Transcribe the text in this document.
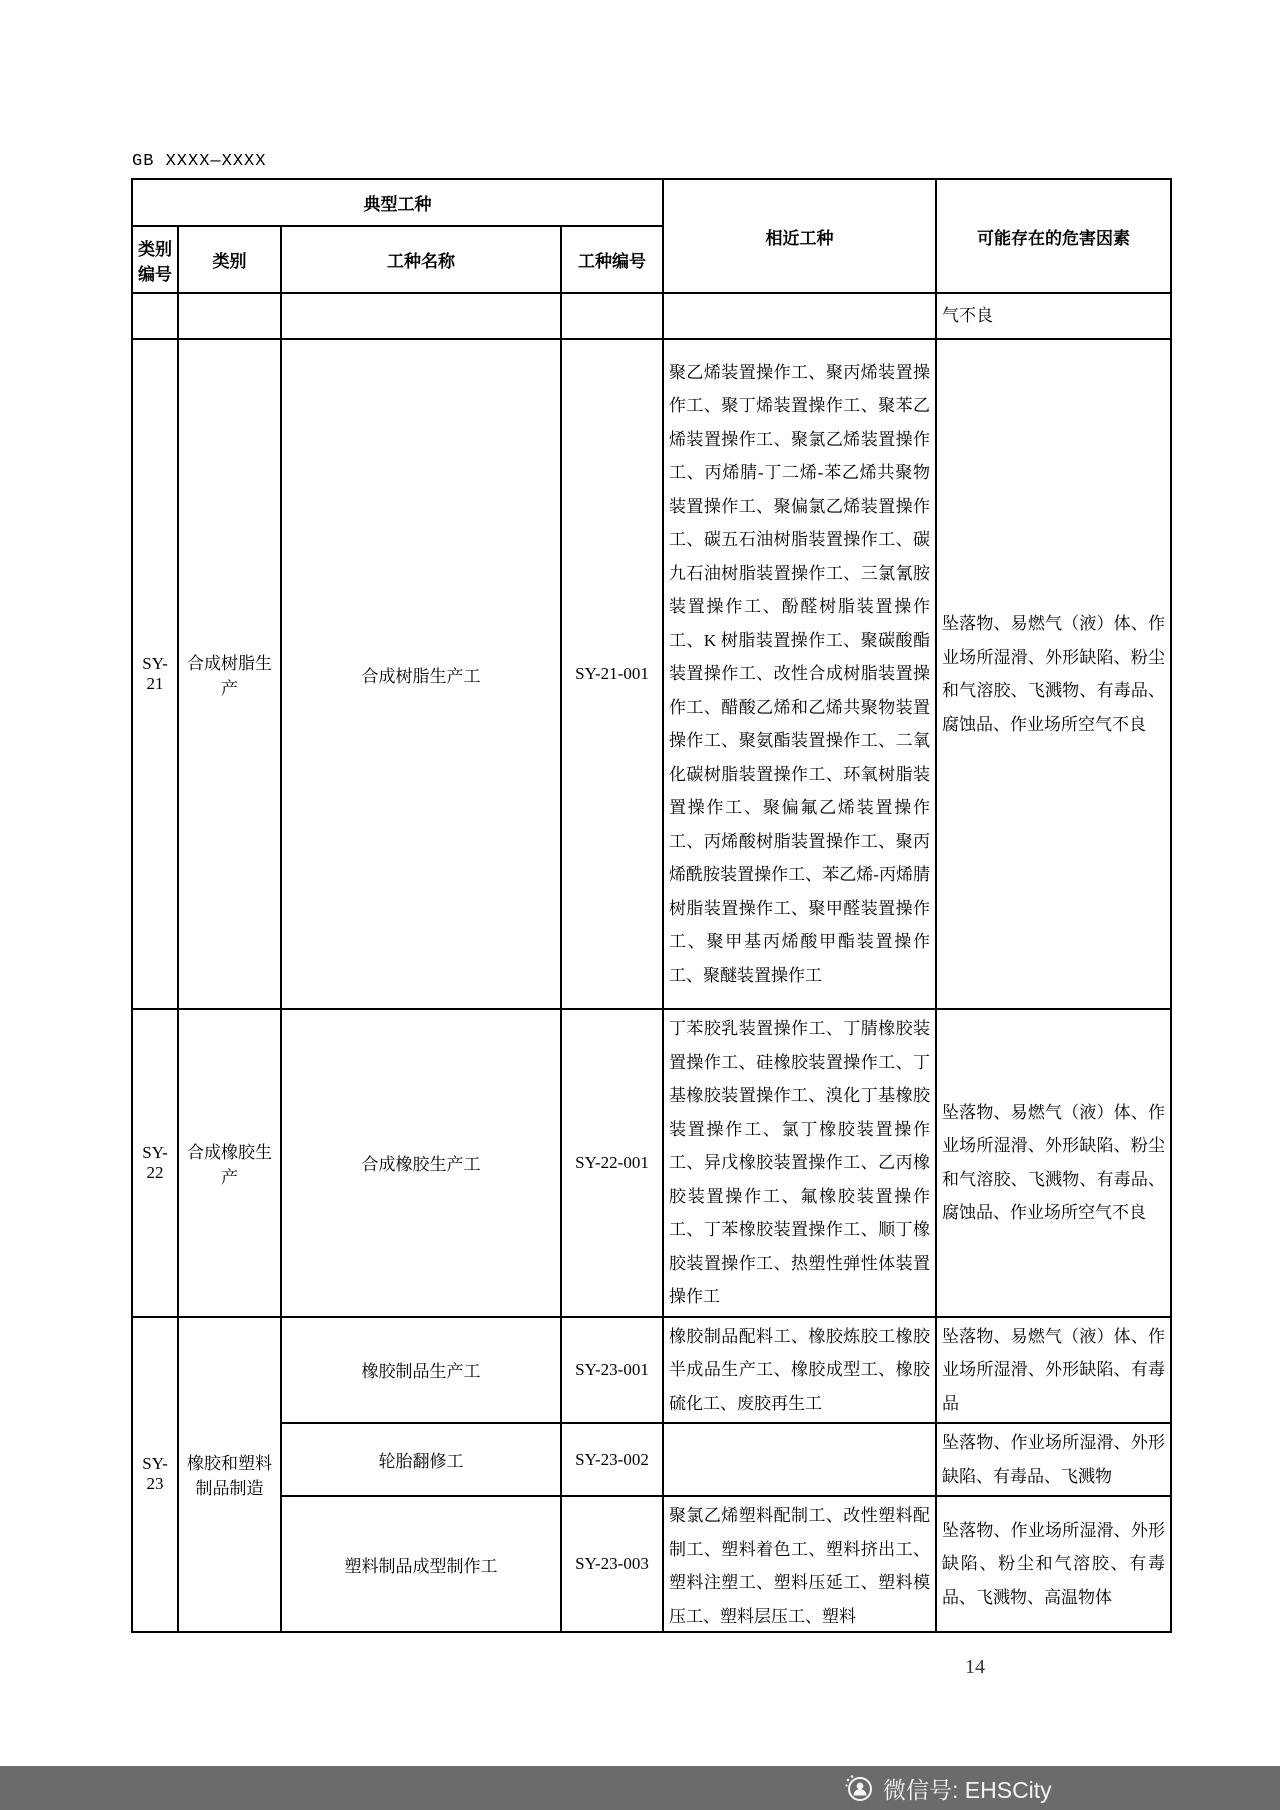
GB XXXX—XXXX
典型工种				相近工种	可能存在的危害因素
类别编号	类别	工种名称	工种编号		
					气不良
SY-21	合成树脂生产	合成树脂生产工	SY-21-001	聚乙烯装置操作工、聚丙烯装置操作工、聚丁烯装置操作工、聚苯乙烯装置操作工、聚氯乙烯装置操作工、丙烯腈-丁二烯-苯乙烯共聚物装置操作工、聚偏氯乙烯装置操作工、碳五石油树脂装置操作工、碳九石油树脂装置操作工、三氯氰胺装置操作工、酚醛树脂装置操作工、K 树脂装置操作工、聚碳酸酯装置操作工、改性合成树脂装置操作工、醋酸乙烯和乙烯共聚物装置操作工、聚氨酯装置操作工、二氧化碳树脂装置操作工、环氧树脂装置操作工、聚偏氟乙烯装置操作工、丙烯酸树脂装置操作工、聚丙烯酰胺装置操作工、苯乙烯-丙烯腈树脂装置操作工、聚甲醛装置操作工、聚甲基丙烯酸甲酯装置操作工、聚醚装置操作工	坠落物、易燃气（液）体、作业场所湿滑、外形缺陷、粉尘和气溶胶、飞溅物、有毒品、腐蚀品、作业场所空气不良
SY-22	合成橡胶生产	合成橡胶生产工	SY-22-001	丁苯胶乳装置操作工、丁腈橡胶装置操作工、硅橡胶装置操作工、丁基橡胶装置操作工、溴化丁基橡胶装置操作工、氯丁橡胶装置操作工、异戊橡胶装置操作工、乙丙橡胶装置操作工、氟橡胶装置操作工、丁苯橡胶装置操作工、顺丁橡胶装置操作工、热塑性弹性体装置操作工	坠落物、易燃气（液）体、作业场所湿滑、外形缺陷、粉尘和气溶胶、飞溅物、有毒品、腐蚀品、作业场所空气不良
SY-23	橡胶和塑料制品制造	橡胶制品生产工	SY-23-001	橡胶制品配料工、橡胶炼胶工橡胶半成品生产工、橡胶成型工、橡胶硫化工、废胶再生工	坠落物、易燃气（液）体、作业场所湿滑、外形缺陷、有毒品
		轮胎翻修工	SY-23-002		坠落物、作业场所湿滑、外形缺陷、有毒品、飞溅物
		塑料制品成型制作工	SY-23-003	聚氯乙烯塑料配制工、改性塑料配制工、塑料着色工、塑料挤出工、塑料注塑工、塑料压延工、塑料模压工、塑料层压工、塑料	坠落物、作业场所湿滑、外形缺陷、粉尘和气溶胶、有毒品、飞溅物、高温物体
14
微信号: EHSCity
